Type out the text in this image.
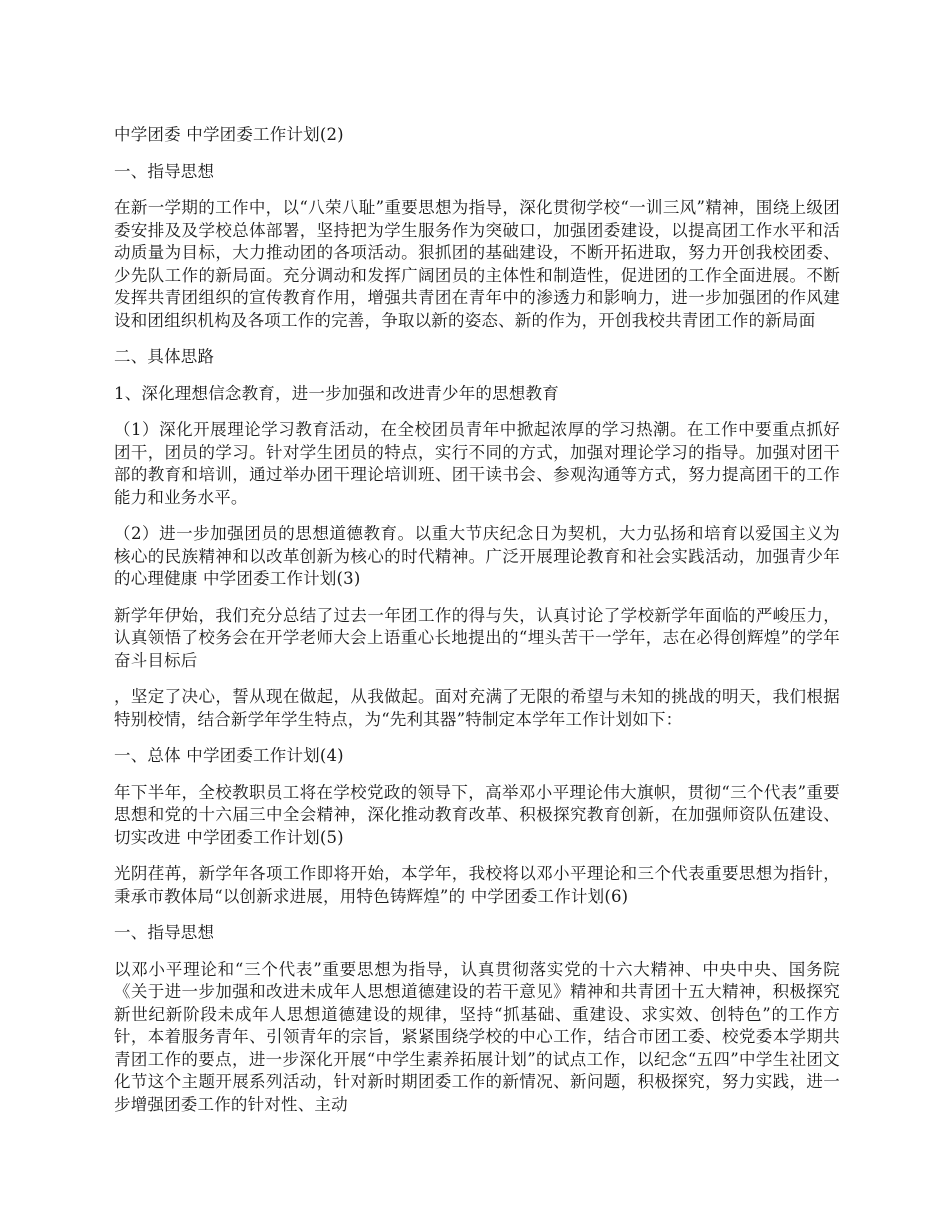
中学团委 中学团委工作计划(2)

一、指导思想

在新一学期的工作中，以“八荣八耻”重要思想为指导，深化贯彻学校“一训三风”精神，围绕上级团委安排及及学校总体部署，坚持把为学生服务作为突破口，加强团委建设，以提高团工作水平和活动质量为目标，大力推动团的各项活动。狠抓团的基础建设，不断开拓进取，努力开创我校团委、少先队工作的新局面。充分调动和发挥广阔团员的主体性和制造性，促进团的工作全面进展。不断发挥共青团组织的宣传教育作用，增强共青团在青年中的渗透力和影响力，进一步加强团的作风建设和团组织机构及各项工作的完善，争取以新的姿态、新的作为，开创我校共青团工作的新局面

二、具体思路

1、深化理想信念教育，进一步加强和改进青少年的思想教育

（1）深化开展理论学习教育活动，在全校团员青年中掀起浓厚的学习热潮。在工作中要重点抓好团干，团员的学习。针对学生团员的特点，实行不同的方式，加强对理论学习的指导。加强对团干部的教育和培训，通过举办团干理论培训班、团干读书会、参观沟通等方式，努力提高团干的工作能力和业务水平。

（2）进一步加强团员的思想道德教育。以重大节庆纪念日为契机，大力弘扬和培育以爱国主义为核心的民族精神和以改革创新为核心的时代精神。广泛开展理论教育和社会实践活动，加强青少年的心理健康 中学团委工作计划(3)

新学年伊始，我们充分总结了过去一年团工作的得与失，认真讨论了学校新学年面临的严峻压力，认真领悟了校务会在开学老师大会上语重心长地提出的“埋头苦干一学年，志在必得创辉煌”的学年奋斗目标后

，坚定了决心，誓从现在做起，从我做起。面对充满了无限的希望与未知的挑战的明天，我们根据特别校情，结合新学年学生特点，为“先利其器”特制定本学年工作计划如下：

一、总体 中学团委工作计划(4)

年下半年，全校教职员工将在学校党政的领导下，高举邓小平理论伟大旗帜，贯彻“三个代表”重要思想和党的十六届三中全会精神，深化推动教育改革、积极探究教育创新，在加强师资队伍建设、切实改进 中学团委工作计划(5)

光阴荏苒，新学年各项工作即将开始，本学年，我校将以邓小平理论和三个代表重要思想为指针，秉承市教体局“以创新求进展，用特色铸辉煌”的 中学团委工作计划(6)

一、指导思想

以邓小平理论和“三个代表”重要思想为指导，认真贯彻落实党的十六大精神、中央中央、国务院《关于进一步加强和改进未成年人思想道德建设的若干意见》精神和共青团十五大精神，积极探究新世纪新阶段未成年人思想道德建设的规律，坚持“抓基础、重建设、求实效、创特色”的工作方针，本着服务青年、引领青年的宗旨，紧紧围绕学校的中心工作，结合市团工委、校党委本学期共青团工作的要点，进一步深化开展“中学生素养拓展计划”的试点工作，以纪念“五四”中学生社团文化节这个主题开展系列活动，针对新时期团委工作的新情况、新问题，积极探究，努力实践，进一步增强团委工作的针对性、主动
